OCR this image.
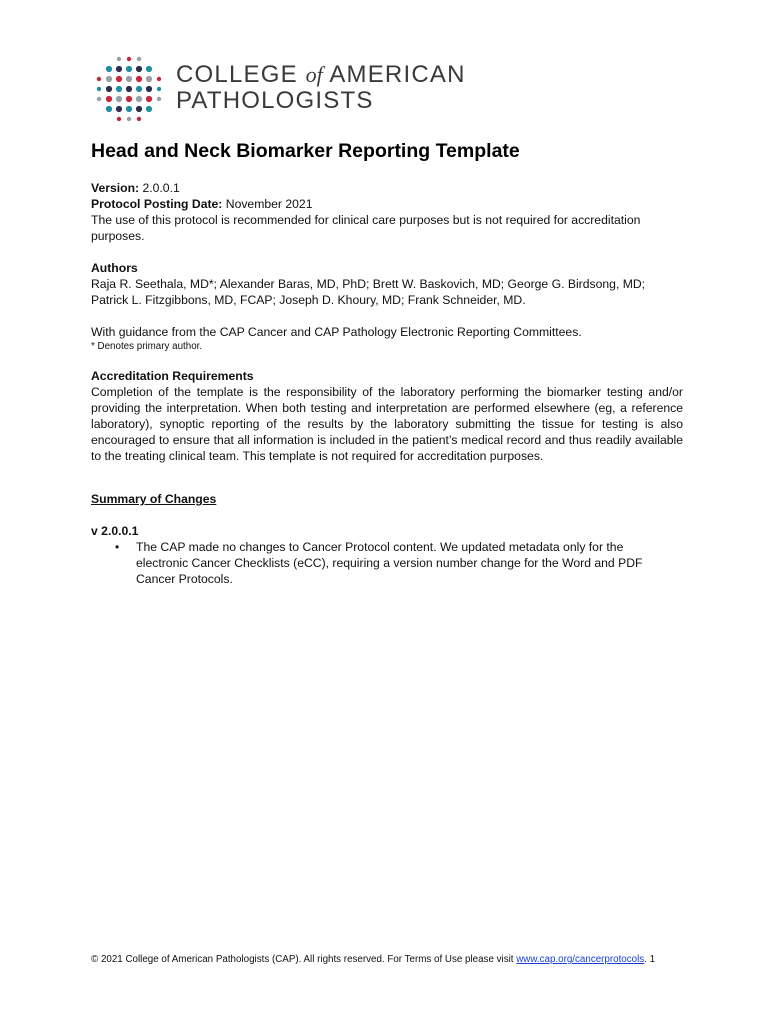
COLLEGE of AMERICAN
PATHOLOGISTS
Head and Neck Biomarker Reporting Template

Version: 2.0.0.1

Protocol Posting Date: November 2021

The use of this protocol is recommended for clinical care purposes but is not required for accreditation purposes.

Authors

Raja R. Seethala, MD*; Alexander Baras, MD, PhD; Brett W. Baskovich, MD; George G. Birdsong, MD; Patrick L. Fitzgibbons, MD, FCAP; Joseph D. Khoury, MD; Frank Schneider, MD.

With guidance from the CAP Cancer and CAP Pathology Electronic Reporting Committees.

* Denotes primary author.

Accreditation Requirements

Completion of the template is the responsibility of the laboratory performing the biomarker testing and/or providing the interpretation. When both testing and interpretation are performed elsewhere (eg, a reference laboratory), synoptic reporting of the results by the laboratory submitting the tissue for testing is also encouraged to ensure that all information is included in the patient’s medical record and thus readily available to the treating clinical team. This template is not required for accreditation purposes.

Summary of Changes

v 2.0.0.1

•	The CAP made no changes to Cancer Protocol content. We updated metadata only for the electronic Cancer Checklists (eCC), requiring a version number change for the Word and PDF Cancer Protocols.
© 2021 College of American Pathologists (CAP). All rights reserved. For Terms of Use please visit www.cap.org/cancerprotocols. 1
